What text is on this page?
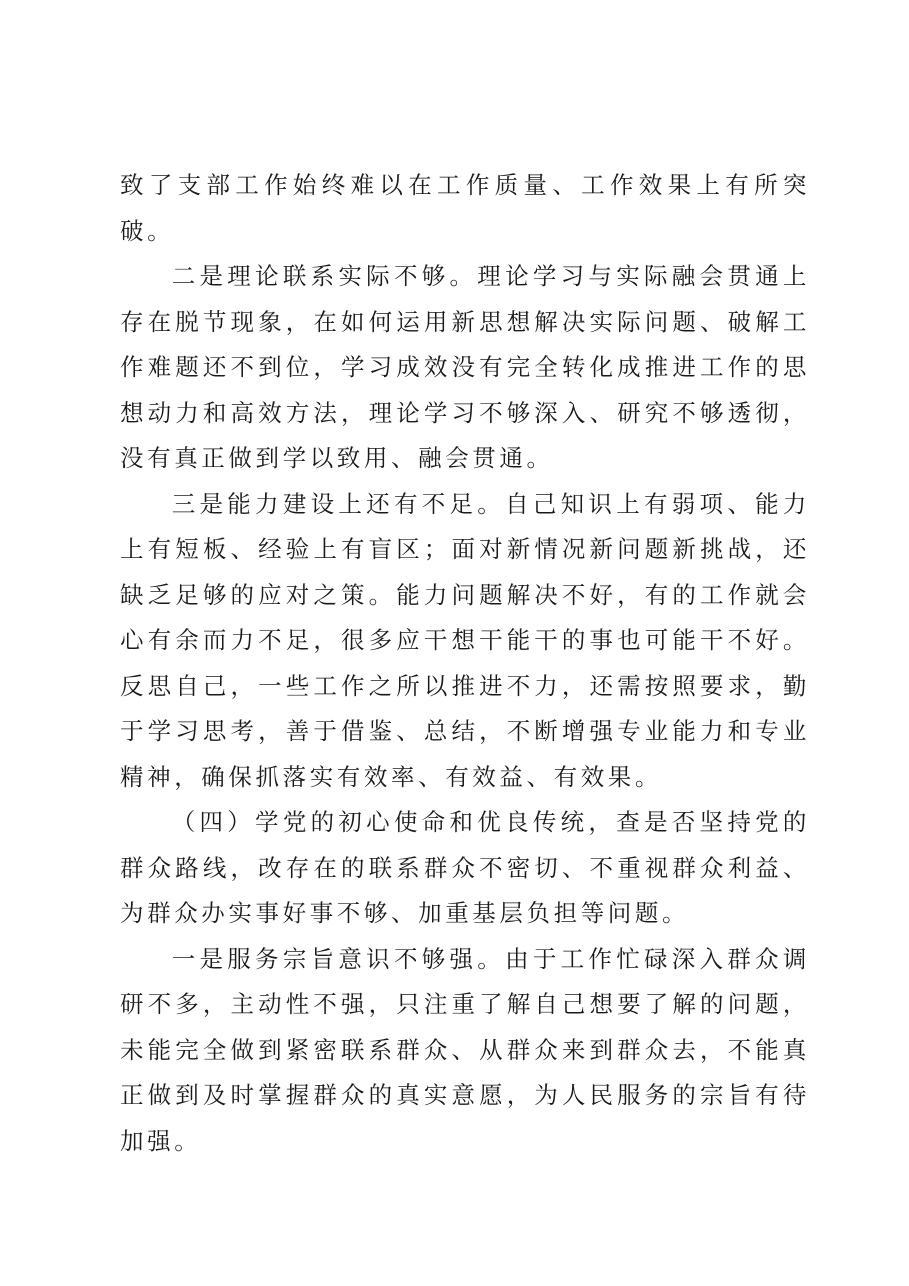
致了支部工作始终难以在工作质量、工作效果上有所突破。

二是理论联系实际不够。理论学习与实际融会贯通上存在脱节现象，在如何运用新思想解决实际问题、破解工作难题还不到位，学习成效没有完全转化成推进工作的思想动力和高效方法，理论学习不够深入、研究不够透彻，没有真正做到学以致用、融会贯通。

三是能力建设上还有不足。自己知识上有弱项、能力上有短板、经验上有盲区；面对新情况新问题新挑战，还缺乏足够的应对之策。能力问题解决不好，有的工作就会心有余而力不足，很多应干想干能干的事也可能干不好。反思自己，一些工作之所以推进不力，还需按照要求，勤于学习思考，善于借鉴、总结，不断增强专业能力和专业精神，确保抓落实有效率、有效益、有效果。

（四）学党的初心使命和优良传统，查是否坚持党的群众路线，改存在的联系群众不密切、不重视群众利益、为群众办实事好事不够、加重基层负担等问题。

一是服务宗旨意识不够强。由于工作忙碌深入群众调研不多，主动性不强，只注重了解自己想要了解的问题，未能完全做到紧密联系群众、从群众来到群众去，不能真正做到及时掌握群众的真实意愿，为人民服务的宗旨有待加强。
